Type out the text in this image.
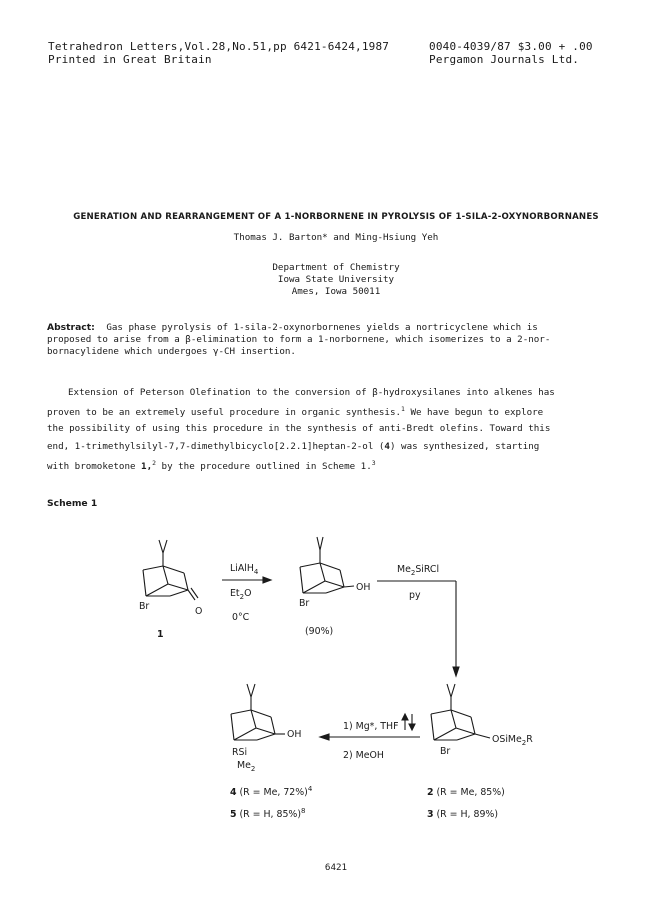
Tetrahedron Letters,Vol.28,No.51,pp 6421-6424,1987	0040-4039/87 $3.00 + .00
Printed in Great Britain	Pergamon Journals Ltd.
GENERATION AND REARRANGEMENT OF A 1-NORBORNENE IN PYROLYSIS OF 1-SILA-2-OXYNORBORNANES
Thomas J. Barton* and Ming-Hsiung Yeh
Department of Chemistry
Iowa State University
Ames, Iowa 50011
Abstract: Gas phase pyrolysis of 1-sila-2-oxynorbornenes yields a nortricyclene which is
proposed to arise from a β-elimination to form a 1-norbornene, which isomerizes to a 2-nor-
bornacylidene which undergoes γ-CH insertion.
Extension of Peterson Olefination to the conversion of β-hydroxysilanes into alkenes has
proven to be an extremely useful procedure in organic synthesis.$^1$ We have begun to explore
the possibility of using this procedure in the synthesis of anti-Bredt olefins. Toward this
end, 1-trimethylsilyl-7,7-dimethylbicyclo[2.2.1]heptan-2-ol (4) was synthesized, starting
with bromoketone 1,$^2$ by the procedure outlined in Scheme 1.$^3$
Scheme 1
Br	O
1
LiAlH$_4$
$Et_2O$
0°C
OH
Br
(90%)
$Me_2SiRCl$
py
OSiMe$_2$R
Br
1) Mg*, THF
2) MeOH
OH
RSi
$Me_2$
4 (R = Me, 72%)$^4$
5 (R = H, 85%)$^8$
2 (R = Me, 85%)
3 (R = H, 89%)
6421
